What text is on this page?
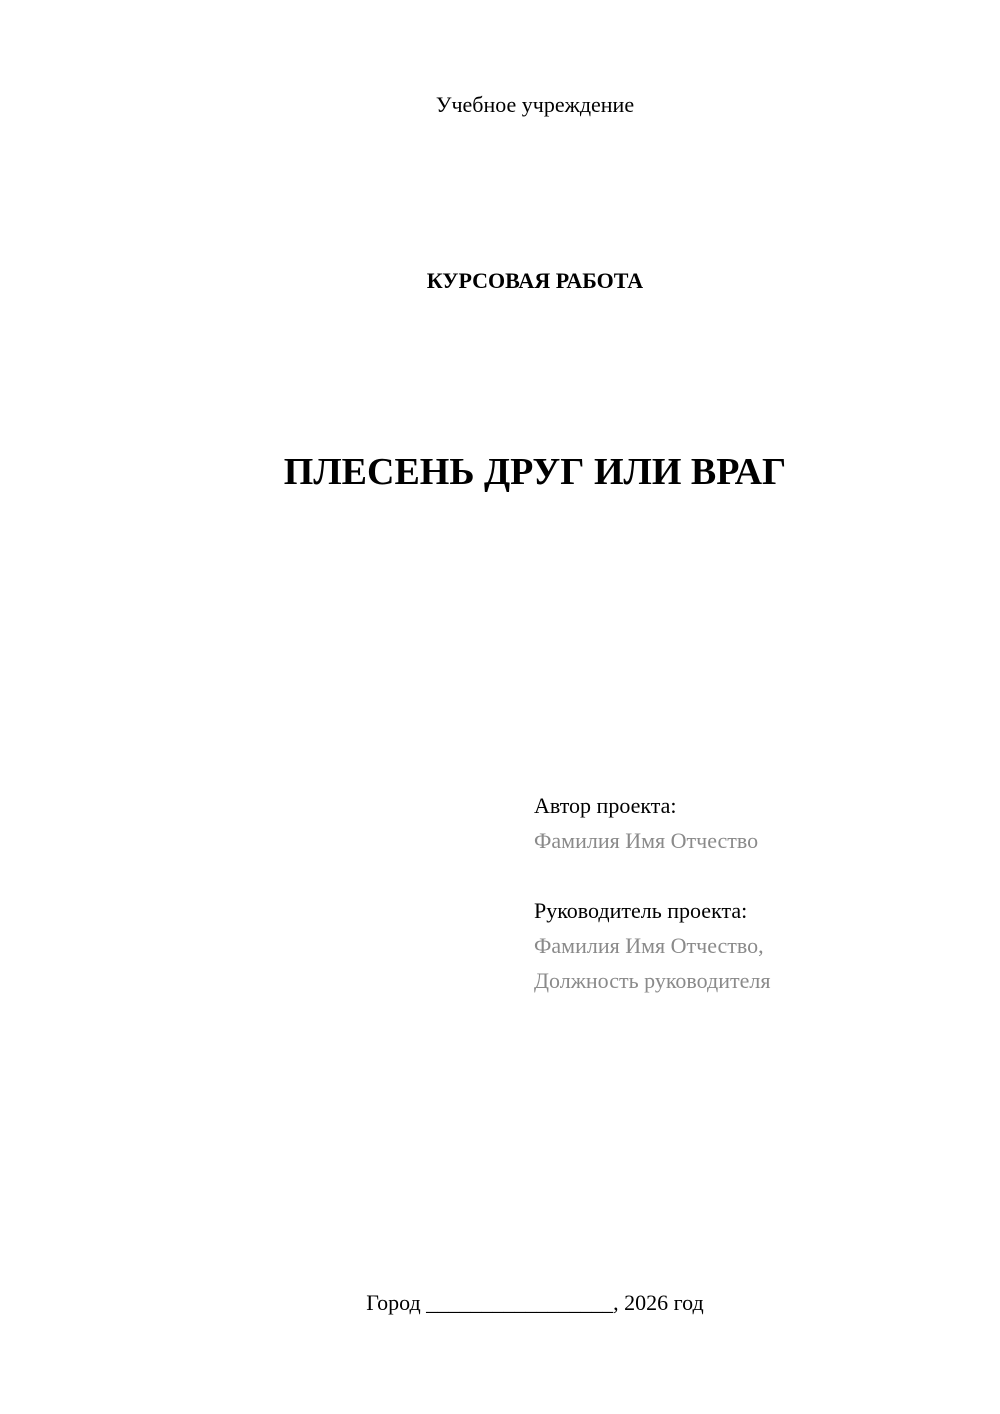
Учебное учреждение
КУРСОВАЯ РАБОТА
ПЛЕСЕНЬ ДРУГ ИЛИ ВРАГ
Автор проекта:
Фамилия Имя Отчество
Руководитель проекта:
Фамилия Имя Отчество,
Должность руководителя
Город _________________, 2026 год
